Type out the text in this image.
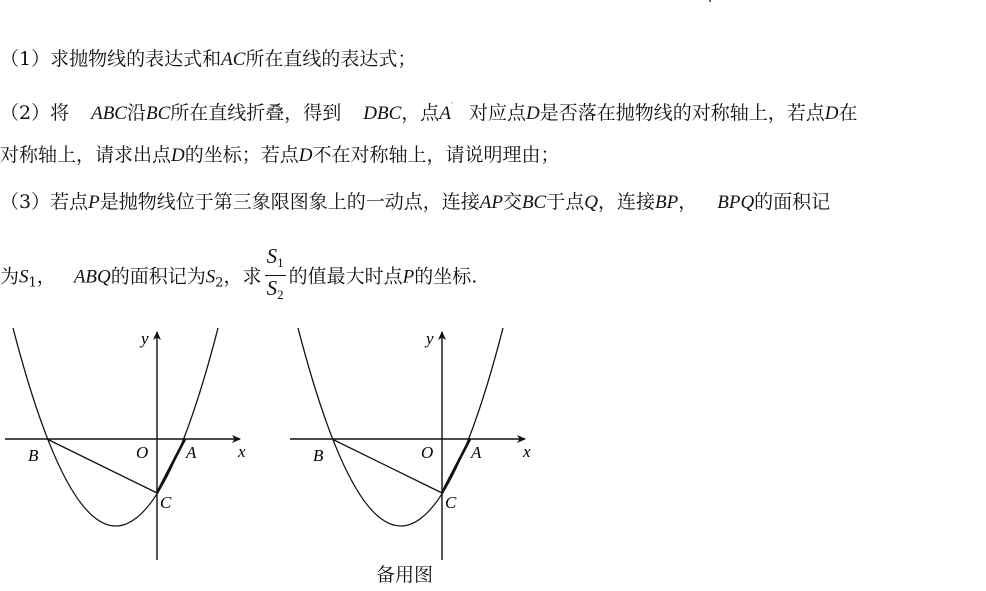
（1）求抛物线的表达式和AC所在直线的表达式；
（2）将 ABC沿BC所在直线折叠，得到 DBC，点A′ 对应点D是否落在抛物线的对称轴上，若点D在
对称轴上，请求出点D的坐标；若点D不在对称轴上，请说明理由；
（3）若点P是抛物线位于第三象限图象上的一动点，连接AP交BC于点Q，连接BP， BPQ的面积记
为$S_1$， ABQ的面积记为$S_2$，求 $\frac{S_1}{S_2}$ 的值最大时点P的坐标.
y
x
O A
B
C
y
x
O A
B
C
备用图
